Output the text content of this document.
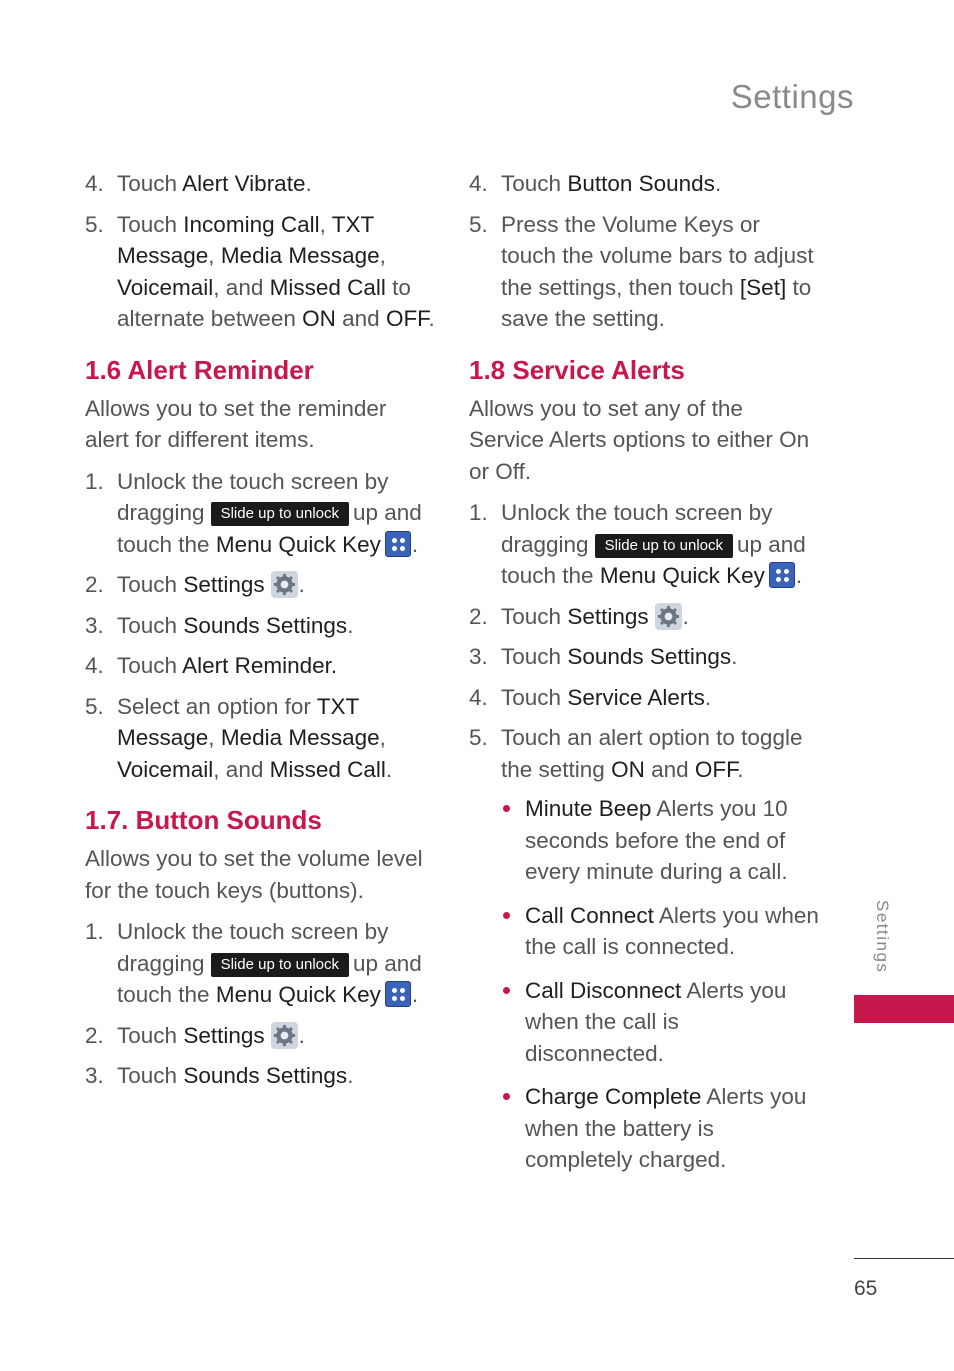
Settings
4. Touch Alert Vibrate.
5. Touch Incoming Call, TXT Message, Media Message, Voicemail, and Missed Call to alternate between ON and OFF.
1.6 Alert Reminder

Allows you to set the reminder alert for different items.

1. Unlock the touch screen by dragging Slide up to unlock up and touch the Menu Quick Key .
2. Touch Settings .
3. Touch Sounds Settings.
4. Touch Alert Reminder.
5. Select an option for TXT Message, Media Message, Voicemail, and Missed Call.
1.7. Button Sounds

Allows you to set the volume level for the touch keys (buttons).

1. Unlock the touch screen by dragging Slide up to unlock up and touch the Menu Quick Key .
2. Touch Settings .
3. Touch Sounds Settings.
4. Touch Button Sounds.
5. Press the Volume Keys or touch the volume bars to adjust the settings, then touch [Set] to save the setting.
1.8 Service Alerts

Allows you to set any of the Service Alerts options to either On or Off.

1. Unlock the touch screen by dragging Slide up to unlock up and touch the Menu Quick Key .
2. Touch Settings .
3. Touch Sounds Settings.
4. Touch Service Alerts.
5. Touch an alert option to toggle the setting ON and OFF.
Minute Beep Alerts you 10 seconds before the end of every minute during a call.
Call Connect Alerts you when the call is connected.
Call Disconnect Alerts you when the call is disconnected.
Charge Complete Alerts you when the battery is completely charged.
Settings
65
